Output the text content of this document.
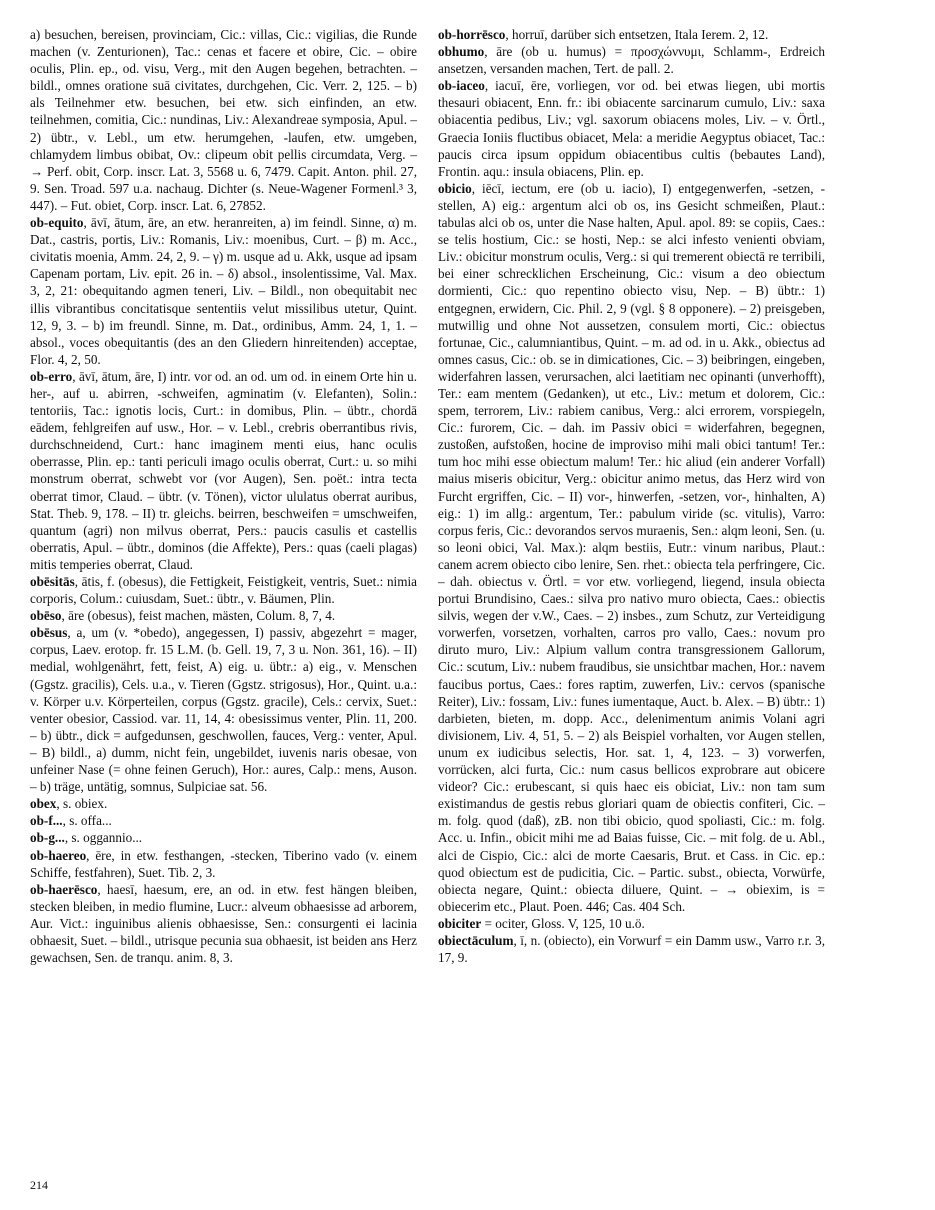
a) besuchen, bereisen, provinciam, Cic.: villas, Cic.: vigilias, die Runde machen (v. Zenturionen), Tac.: cenas et facere et obire, Cic. – obire oculis, Plin. ep., od. visu, Verg., mit den Augen begehen, betrachten. – bildl., omnes oratione suā civitates, durchgehen, Cic. Verr. 2, 125. – b) als Teilnehmer etw. besuchen, bei etw. sich einfinden, an etw. teilnehmen, comitia, Cic.: nundinas, Liv.: Alexandreae symposia, Apul. – 2) übtr., v. Lebl., um etw. herumgehen, -laufen, etw. umgeben, chlamydem limbus obibat, Ov.: clipeum obit pellis circumdata, Verg. – → Perf. obit, Corp. inscr. Lat. 3, 5568 u. 6, 7479. Capit. Anton. phil. 27, 9. Sen. Troad. 597 u.a. nachaug. Dichter (s. Neue-Wagener Formenl.³ 3, 447). – Fut. obiet, Corp. inscr. Lat. 6, 27852.

ob-equito, āvī, ātum, āre, an etw. heranreiten, a) im feindl. Sinne, α) m. Dat., castris, portis, Liv.: Romanis, Liv.: moenibus, Curt. – β) m. Acc., civitatis moenia, Amm. 24, 2, 9. – γ) m. usque ad u. Akk, usque ad ipsam Capenam portam, Liv. epit. 26 in. – δ) absol., insolentissime, Val. Max. 3, 2, 21: obequitando agmen teneri, Liv. – Bildl., non obequitabit nec illis vibrantibus concitatisque sententiis velut missilibus utetur, Quint. 12, 9, 3. – b) im freundl. Sinne, m. Dat., ordinibus, Amm. 24, 1, 1. – absol., voces obequitantis (des an den Gliedern hinreitenden) acceptae, Flor. 4, 2, 50.

ob-erro, āvī, ātum, āre, I) intr. vor od. an od. um od. in einem Orte hin u. her-, auf u. abirren, -schweifen, agminatim (v. Elefanten), Solin.: tentoriis, Tac.: ignotis locis, Curt.: in domibus, Plin. – übtr., chordā eādem, fehlgreifen auf usw., Hor. – v. Lebl., crebris oberrantibus rivis, durchschneidend, Curt.: hanc imaginem menti eius, hanc oculis oberrasse, Plin. ep.: tanti periculi imago oculis oberrat, Curt.: u. so mihi monstrum oberrat, schwebt vor (vor Augen), Sen. poët.: intra tecta oberrat timor, Claud. – übtr. (v. Tönen), victor ululatus oberrat auribus, Stat. Theb. 9, 178. – II) tr. gleichs. beirren, beschweifen = umschweifen, quantum (agri) non milvus oberrat, Pers.: paucis casulis et castellis oberratis, Apul. – übtr., dominos (die Affekte), Pers.: quas (caeli plagas) mitis temperies oberrat, Claud.

obēsitās, ātis, f. (obesus), die Fettigkeit, Feistigkeit, ventris, Suet.: nimia corporis, Colum.: cuiusdam, Suet.: übtr., v. Bäumen, Plin.

obēso, āre (obesus), feist machen, mästen, Colum. 8, 7, 4.

obēsus, a, um (v. *obedo), angegessen, I) passiv, abgezehrt = mager, corpus, Laev. erotop. fr. 15 L.M. (b. Gell. 19, 7, 3 u. Non. 361, 16). – II) medial, wohlgenährt, fett, feist, A) eig. u. übtr.: a) eig., v. Menschen (Ggstz. gracilis), Cels. u.a., v. Tieren (Ggstz. strigosus), Hor., Quint. u.a.: v. Körper u.v. Körperteilen, corpus (Ggstz. gracile), Cels.: cervix, Suet.: venter obesior, Cassiod. var. 11, 14, 4: obesissimus venter, Plin. 11, 200. – b) übtr., dick = aufgedunsen, geschwollen, fauces, Verg.: venter, Apul. – B) bildl., a) dumm, nicht fein, ungebildet, iuvenis naris obesae, von unfeiner Nase (= ohne feinen Geruch), Hor.: aures, Calp.: mens, Auson. – b) träge, untätig, somnus, Sulpiciae sat. 56.

obex, s. obiex.

ob-f..., s. offa...

ob-g..., s. oggannio...

ob-haereo, ēre, in etw. festhangen, -stecken, Tiberino vado (v. einem Schiffe, festfahren), Suet. Tib. 2, 3.

ob-haerēsco, haesī, haesum, ere, an od. in etw. fest hängen bleiben, stecken bleiben, in medio flumine, Lucr.: alveum obhaesisse ad arborem, Aur. Vict.: inguinibus alienis obhaesisse, Sen.: consurgenti ei lacinia obhaesit, Suet. – bildl., utrisque pecunia sua obhaesit, ist beiden ans Herz gewachsen, Sen. de tranqu. anim. 8, 3.

ob-horrēsco, horruī, darüber sich entsetzen, Itala Ierem. 2, 12.

obhumo, āre (ob u. humus) = προσχώννυμι, Schlamm-, Erdreich ansetzen, versanden machen, Tert. de pall. 2.

ob-iaceo, iacuī, ēre, vorliegen, vor od. bei etwas liegen, ubi mortis thesauri obiacent, Enn. fr.: ibi obiacente sarcinarum cumulo, Liv.: saxa obiacentia pedibus, Liv.; vgl. saxorum obiacens moles, Liv. – v. Örtl., Graecia Ioniis fluctibus obiacet, Mela: a meridie Aegyptus obiacet, Tac.: paucis circa ipsum oppidum obiacentibus cultis (bebautes Land), Frontin. aqu.: insula obiacens, Plin. ep.

obicio, iēcī, iectum, ere (ob u. iacio), I) entgegenwerfen, -setzen, -stellen, A) eig.: argentum alci ob os, ins Gesicht schmeißen, Plaut.: tabulas alci ob os, unter die Nase halten, Apul. apol. 89: se copiis, Caes.: se telis hostium, Cic.: se hosti, Nep.: se alci infesto venienti obviam, Liv.: obicitur monstrum oculis, Verg.: si qui tremerent obiectā re terribili, bei einer schrecklichen Erscheinung, Cic.: visum a deo obiectum dormienti, Cic.: quo repentino obiecto visu, Nep. – B) übtr.: 1) entgegnen, erwidern, Cic. Phil. 2, 9 (vgl. § 8 opponere). – 2) preisgeben, mutwillig und ohne Not aussetzen, consulem morti, Cic.: obiectus fortunae, Cic., calumniantibus, Quint. – m. ad od. in u. Akk., obiectus ad omnes casus, Cic.: ob. se in dimicationes, Cic. – 3) beibringen, eingeben, widerfahren lassen, verursachen, alci laetitiam nec opinanti (unverhofft), Ter.: eam mentem (Gedanken), ut etc., Liv.: metum et dolorem, Cic.: spem, terrorem, Liv.: rabiem canibus, Verg.: alci errorem, vorspiegeln, Cic.: furorem, Cic. – dah. im Passiv obici = widerfahren, begegnen, zustoßen, aufstoßen, hocine de improviso mihi mali obici tantum! Ter.: tum hoc mihi esse obiectum malum! Ter.: hic aliud (ein anderer Vorfall) maius miseris obicitur, Verg.: obicitur animo metus, das Herz wird von Furcht ergriffen, Cic. – II) vor-, hinwerfen, -setzen, vor-, hinhalten, A) eig.: 1) im allg.: argentum, Ter.: pabulum viride (sc. vitulis), Varro: corpus feris, Cic.: devorandos servos muraenis, Sen.: alqm leoni, Sen. (u. so leoni obici, Val. Max.): alqm bestiis, Eutr.: vinum naribus, Plaut.: canem acrem obiecto cibo lenire, Sen. rhet.: obiecta tela perfringere, Cic. – dah. obiectus v. Örtl. = vor etw. vorliegend, liegend, insula obiecta portui Brundisino, Caes.: silva pro nativo muro obiecta, Caes.: obiectis silvis, wegen der v.W., Caes. – 2) insbes., zum Schutz, zur Verteidigung vorwerfen, vorsetzen, vorhalten, carros pro vallo, Caes.: novum pro diruto muro, Liv.: Alpium vallum contra transgressionem Gallorum, Cic.: scutum, Liv.: nubem fraudibus, sie unsichtbar machen, Hor.: navem faucibus portus, Caes.: fores raptim, zuwerfen, Liv.: cervos (spanische Reiter), Liv.: fossam, Liv.: funes iumentaque, Auct. b. Alex. – B) übtr.: 1) darbieten, bieten, m. dopp. Acc., delenimentum animis Volani agri divisionem, Liv. 4, 51, 5. – 2) als Beispiel vorhalten, vor Augen stellen, unum ex iudicibus selectis, Hor. sat. 1, 4, 123. – 3) vorwerfen, vorrücken, alci furta, Cic.: num casus bellicos exprobrare aut obicere videor? Cic.: erubescant, si quis haec eis obiciat, Liv.: non tam sum existimandus de gestis rebus gloriari quam de obiectis confiteri, Cic. – m. folg. quod (daß), zB. non tibi obicio, quod spoliasti, Cic.: m. folg. Acc. u. Infin., obicit mihi me ad Baias fuisse, Cic. – mit folg. de u. Abl., alci de Cispio, Cic.: alci de morte Caesaris, Brut. et Cass. in Cic. ep.: quod obiectum est de pudicitia, Cic. – Partic. subst., obiecta, Vorwürfe, obiecta negare, Quint.: obiecta diluere, Quint. – → obiexim, is = obiecerim etc., Plaut. Poen. 446; Cas. 404 Sch.

obiciter = ociter, Gloss. V, 125, 10 u.ö.

obiectāculum, ī, n. (obiecto), ein Vorwurf = ein Damm usw., Varro r.r. 3, 17, 9.

214
